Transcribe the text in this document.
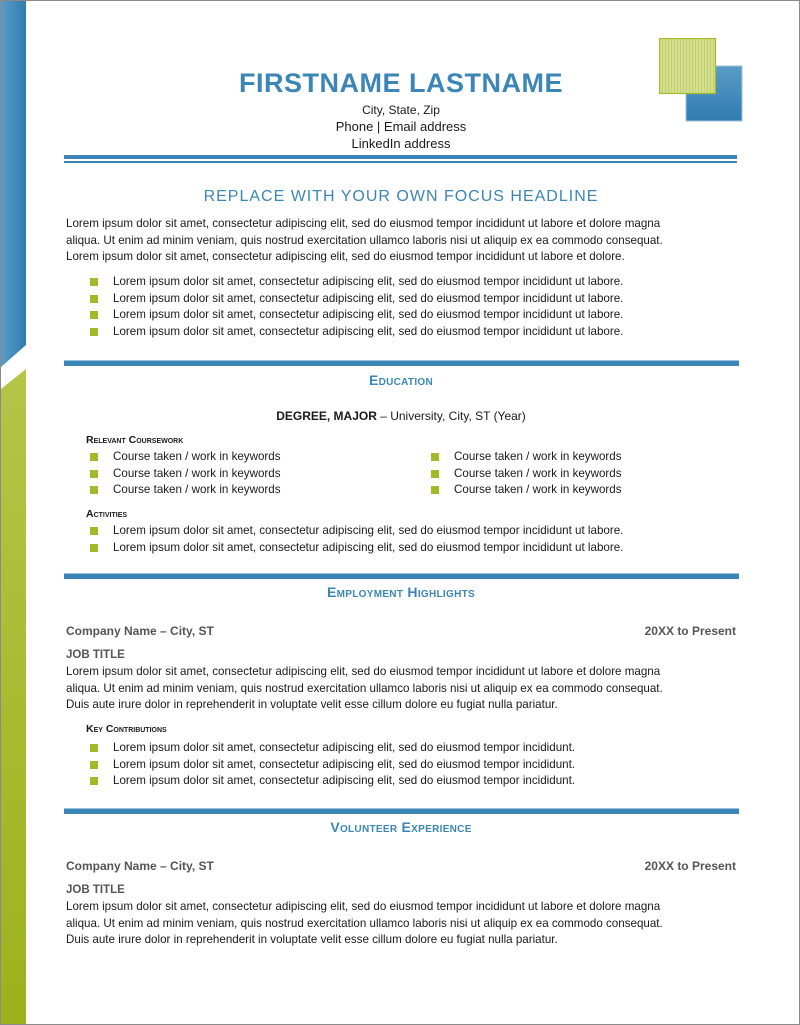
FIRSTNAME LASTNAME
City, State, Zip
Phone | Email address
LinkedIn address
REPLACE WITH YOUR OWN FOCUS HEADLINE
Lorem ipsum dolor sit amet, consectetur adipiscing elit, sed do eiusmod tempor incididunt ut labore et dolore magna
aliqua. Ut enim ad minim veniam, quis nostrud exercitation ullamco laboris nisi ut aliquip ex ea commodo consequat.
Lorem ipsum dolor sit amet, consectetur adipiscing elit, sed do eiusmod tempor incididunt ut labore et dolore.
Lorem ipsum dolor sit amet, consectetur adipiscing elit, sed do eiusmod tempor incididunt ut labore.
Lorem ipsum dolor sit amet, consectetur adipiscing elit, sed do eiusmod tempor incididunt ut labore.
Lorem ipsum dolor sit amet, consectetur adipiscing elit, sed do eiusmod tempor incididunt ut labore.
Lorem ipsum dolor sit amet, consectetur adipiscing elit, sed do eiusmod tempor incididunt ut labore.
Education
DEGREE, MAJOR – University, City, ST (Year)
Relevant Coursework
Course taken / work in keywords
Course taken / work in keywords
Course taken / work in keywords
Course taken / work in keywords
Course taken / work in keywords
Course taken / work in keywords
Activities
Lorem ipsum dolor sit amet, consectetur adipiscing elit, sed do eiusmod tempor incididunt ut labore.
Lorem ipsum dolor sit amet, consectetur adipiscing elit, sed do eiusmod tempor incididunt ut labore.
Employment Highlights
Company Name – City, ST	20XX to Present
JOB TITLE
Lorem ipsum dolor sit amet, consectetur adipiscing elit, sed do eiusmod tempor incididunt ut labore et dolore magna
aliqua. Ut enim ad minim veniam, quis nostrud exercitation ullamco laboris nisi ut aliquip ex ea commodo consequat.
Duis aute irure dolor in reprehenderit in voluptate velit esse cillum dolore eu fugiat nulla pariatur.
Key Contributions
Lorem ipsum dolor sit amet, consectetur adipiscing elit, sed do eiusmod tempor incididunt.
Lorem ipsum dolor sit amet, consectetur adipiscing elit, sed do eiusmod tempor incididunt.
Lorem ipsum dolor sit amet, consectetur adipiscing elit, sed do eiusmod tempor incididunt.
Volunteer Experience
Company Name – City, ST	20XX to Present
JOB TITLE
Lorem ipsum dolor sit amet, consectetur adipiscing elit, sed do eiusmod tempor incididunt ut labore et dolore magna
aliqua. Ut enim ad minim veniam, quis nostrud exercitation ullamco laboris nisi ut aliquip ex ea commodo consequat.
Duis aute irure dolor in reprehenderit in voluptate velit esse cillum dolore eu fugiat nulla pariatur.
